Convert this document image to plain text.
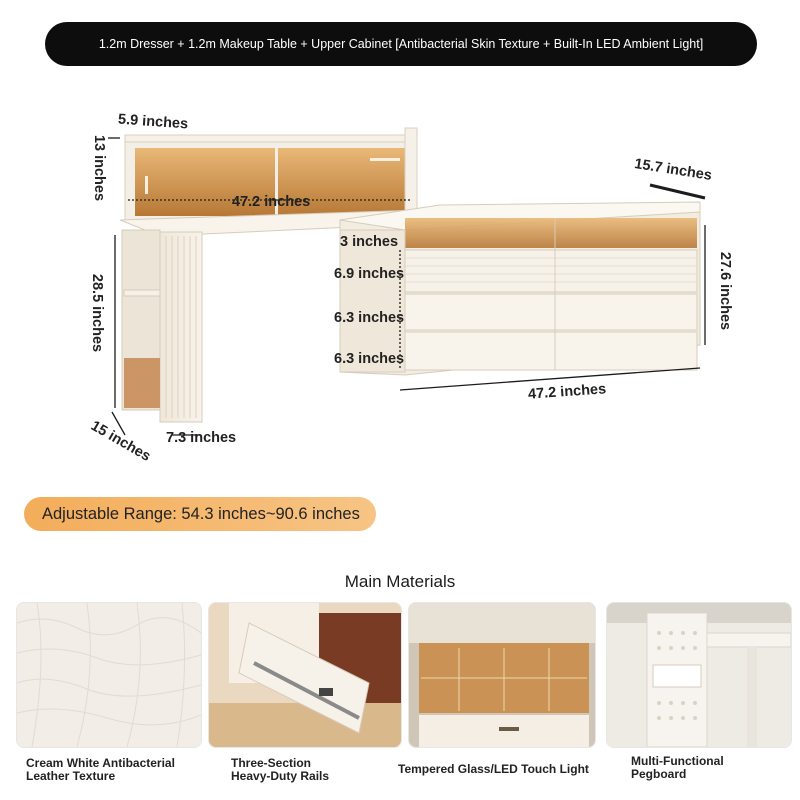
1.2m Dresser + 1.2m Makeup Table + Upper Cabinet [Antibacterial Skin Texture + Built-In LED Ambient Light]
5.9 inches
13 inches
47.2 inches
28.5 inches
15 inches 7.3 inches
15.7 inches
27.6 inches
3 inches
6.9 inches
6.3 inches
6.3 inches
47.2 inches
Adjustable Range: 54.3 inches~90.6 inches
Main Materials
Cream White Antibacterial
Leather Texture
Three-Section
Heavy-Duty Rails	Tempered Glass/LED Touch Light
Multi-Functional
Pegboard
